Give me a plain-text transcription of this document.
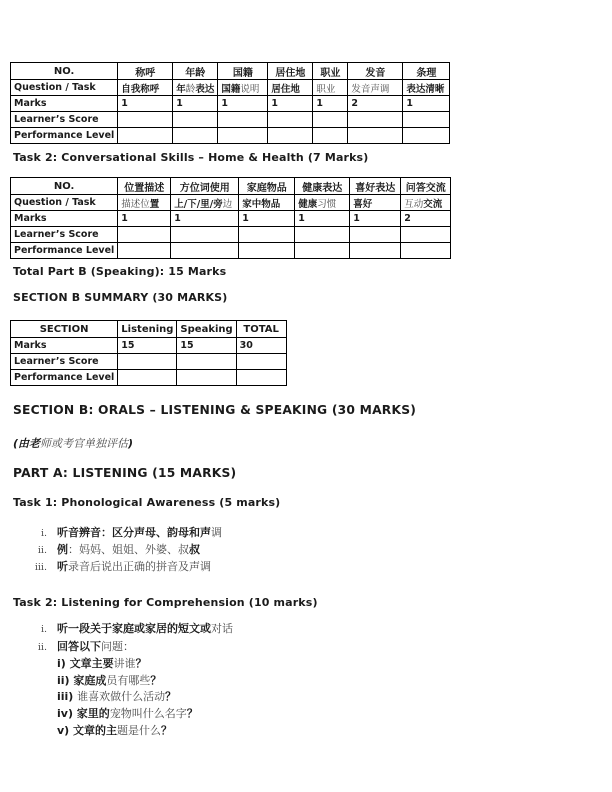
NO.	称呼	年龄	国籍	居住地	职业	发音	条理
Question / Task	自我称呼	年龄表达	国籍说明	居住地	职业	发音声调	表达清晰
Marks	1	1	1	1	1	2	1
Learner’s Score							
Performance Level							
Task 2: Conversational Skills – Home & Health (7 Marks)
NO.	位置描述	方位词使用	家庭物品	健康表达	喜好表达	问答交流
Question / Task	描述位置	上/下/里/旁边	家中物品	健康习惯	喜好	互动交流
Marks	1	1	1	1	1	2
Learner’s Score						
Performance Level						
Total Part B (Speaking): 15 Marks
SECTION B SUMMARY (30 MARKS)
SECTION	Listening	Speaking	TOTAL
Marks	15	15	30
Learner’s Score			
Performance Level			
SECTION B: ORALS – LISTENING & SPEAKING (30 MARKS)
(由老师或考官单独评估)
PART A: LISTENING (15 MARKS)
Task 1: Phonological Awareness (5 marks)
i. 听音辨音：区分声母、韵母和声调
ii. 例：妈妈、姐姐、外婆、叔叔
iii. 听录音后说出正确的拼音及声调
Task 2: Listening for Comprehension (10 marks)
i. 听一段关于家庭或家居的短文或对话
ii. 回答以下问题：
i) 文章主要讲谁？
ii) 家庭成员有哪些？
iii) 谁喜欢做什么活动？
iv) 家里的宠物叫什么名字？
v) 文章的主题是什么？
